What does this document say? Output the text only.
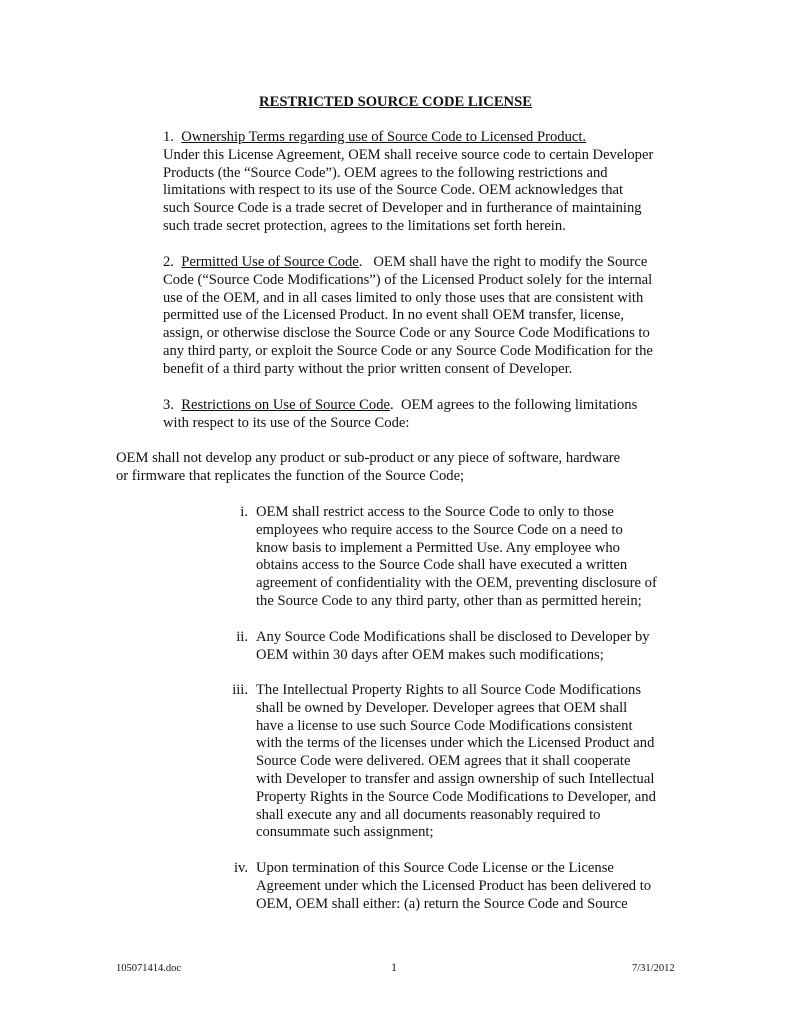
RESTRICTED SOURCE CODE LICENSE
1. Ownership Terms regarding use of Source Code to Licensed Product.
Under this License Agreement, OEM shall receive source code to certain Developer
Products (the “Source Code”). OEM agrees to the following restrictions and
limitations with respect to its use of the Source Code. OEM acknowledges that
such Source Code is a trade secret of Developer and in furtherance of maintaining
such trade secret protection, agrees to the limitations set forth herein.
2. Permitted Use of Source Code.   OEM shall have the right to modify the Source
Code (“Source Code Modifications”) of the Licensed Product solely for the internal
use of the OEM, and in all cases limited to only those uses that are consistent with
permitted use of the Licensed Product. In no event shall OEM transfer, license,
assign, or otherwise disclose the Source Code or any Source Code Modifications to
any third party, or exploit the Source Code or any Source Code Modification for the
benefit of a third party without the prior written consent of Developer.
3. Restrictions on Use of Source Code.  OEM agrees to the following limitations
with respect to its use of the Source Code:
OEM shall not develop any product or sub-product or any piece of software, hardware
or firmware that replicates the function of the Source Code;
i. OEM shall restrict access to the Source Code to only to those
employees who require access to the Source Code on a need to
know basis to implement a Permitted Use. Any employee who
obtains access to the Source Code shall have executed a written
agreement of confidentiality with the OEM, preventing disclosure of
the Source Code to any third party, other than as permitted herein;
ii. Any Source Code Modifications shall be disclosed to Developer by
OEM within 30 days after OEM makes such modifications;
iii. The Intellectual Property Rights to all Source Code Modifications
shall be owned by Developer. Developer agrees that OEM shall
have a license to use such Source Code Modifications consistent
with the terms of the licenses under which the Licensed Product and
Source Code were delivered. OEM agrees that it shall cooperate
with Developer to transfer and assign ownership of such Intellectual
Property Rights in the Source Code Modifications to Developer, and
shall execute any and all documents reasonably required to
consummate such assignment;
iv. Upon termination of this Source Code License or the License
Agreement under which the Licensed Product has been delivered to
OEM, OEM shall either: (a) return the Source Code and Source
105071414.doc	1	7/31/2012
